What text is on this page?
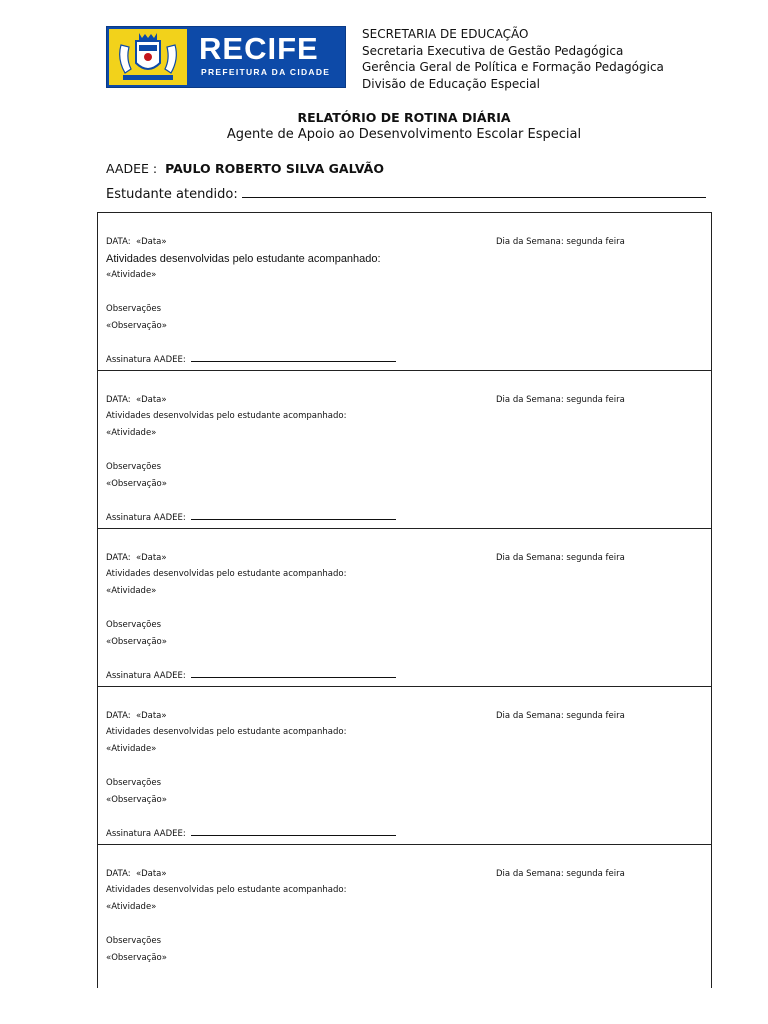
RECIFE
PREFEITURA DA CIDADE
SECRETARIA DE EDUCAÇÃO
Secretaria Executiva de Gestão Pedagógica
Gerência Geral de Política e Formação Pedagógica
Divisão de Educação Especial
RELATÓRIO DE ROTINA DIÁRIA
Agente de Apoio ao Desenvolvimento Escolar Especial
AADEE : PAULO ROBERTO SILVA GALVÃO
Estudante atendido:
DATA: «Data»	Dia da Semana: segunda feira
Atividades desenvolvidas pelo estudante acompanhado:
«Atividade»
Observações
«Observação»
Assinatura AADEE:
DATA: «Data»	Dia da Semana: segunda feira
Atividades desenvolvidas pelo estudante acompanhado:
«Atividade»
Observações
«Observação»
Assinatura AADEE:
DATA: «Data»	Dia da Semana: segunda feira
Atividades desenvolvidas pelo estudante acompanhado:
«Atividade»
Observações
«Observação»
Assinatura AADEE:
DATA: «Data»	Dia da Semana: segunda feira
Atividades desenvolvidas pelo estudante acompanhado:
«Atividade»
Observações
«Observação»
Assinatura AADEE:
DATA: «Data»	Dia da Semana: segunda feira
Atividades desenvolvidas pelo estudante acompanhado:
«Atividade»
Observações
«Observação»
